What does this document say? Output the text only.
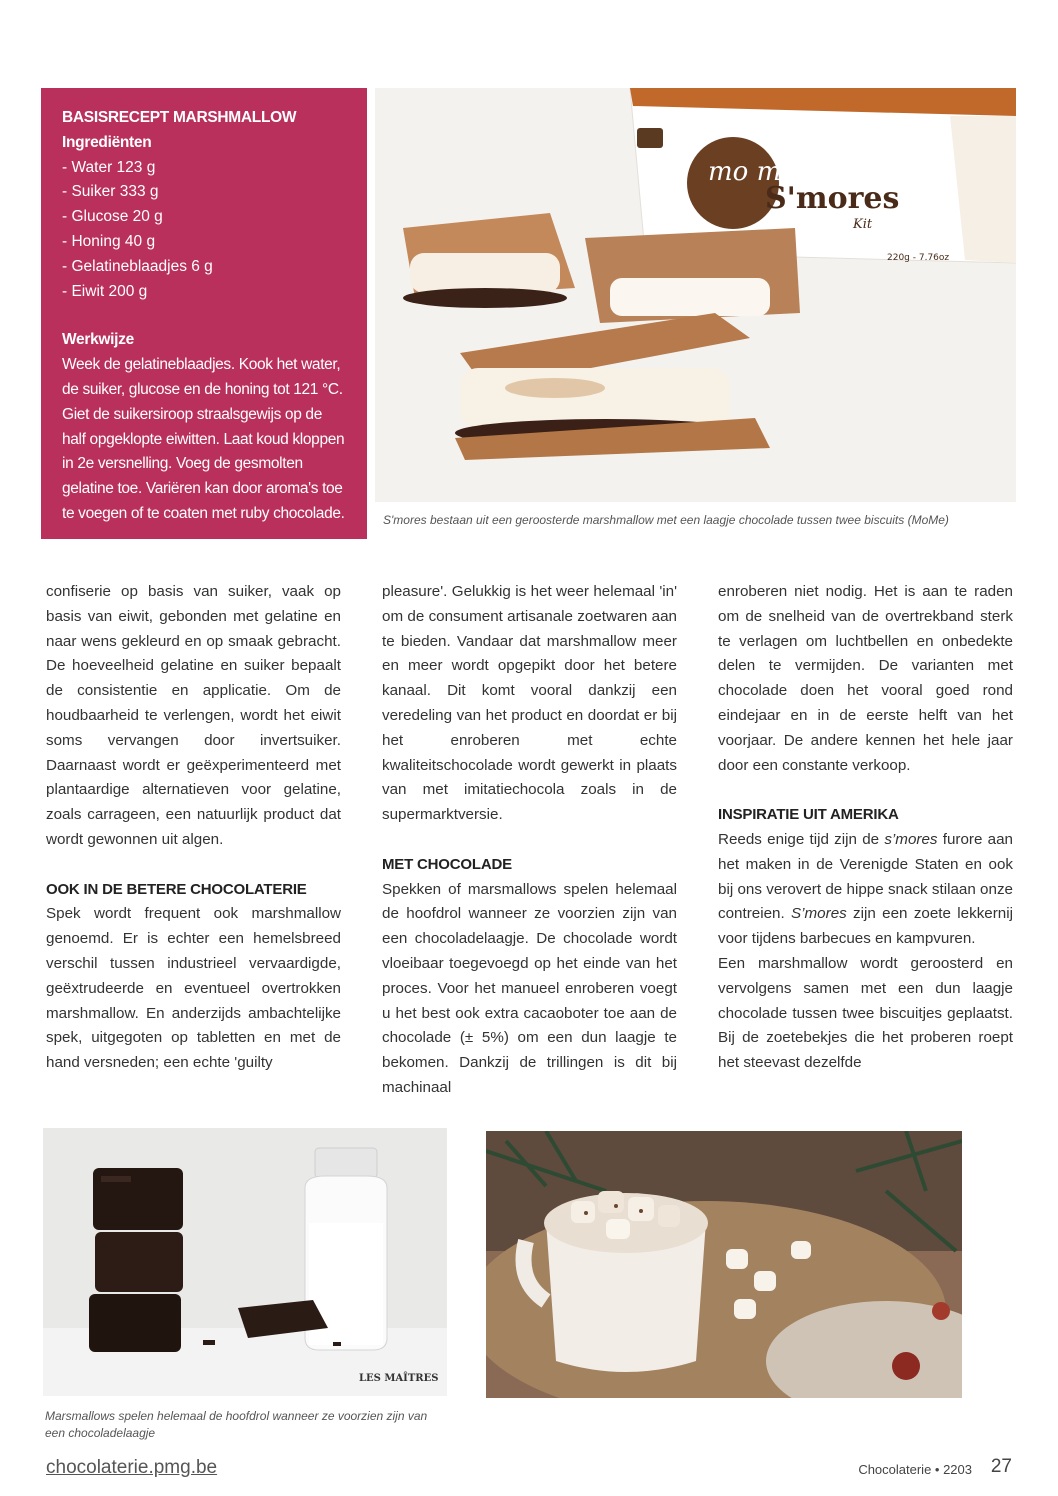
BASISRECEPT MARSHMALLOW
Ingrediënten
- Water 123 g
- Suiker 333 g
- Glucose 20 g
- Honing 40 g
- Gelatineblaadjes 6 g
- Eiwit 200 g
Werkwijze

Week de gelatineblaadjes. Kook het water, de suiker, glucose en de honing tot 121 °C. Giet de suikersiroop straalsgewijs op de half opgeklopte eiwitten. Laat koud kloppen in 2e versnelling. Voeg de gesmolten gelatine toe. Variëren kan door aroma's toe te voegen of te coaten met ruby chocolade.

mo me
S'mores
Kit
220g - 7.76oz
S'mores bestaan uit een geroosterde marshmallow met een laagje chocolade tussen twee biscuits (MoMe)

confiserie op basis van suiker, vaak op basis van eiwit, gebonden met gelatine en naar wens gekleurd en op smaak gebracht. De hoeveelheid gelatine en suiker bepaalt de consistentie en applicatie. Om de houdbaarheid te verlengen, wordt het eiwit soms vervangen door invertsuiker. Daarnaast wordt er geëxperimenteerd met plantaardige alternatieven voor gelatine, zoals carrageen, een natuurlijk product dat wordt gewonnen uit algen.

OOK IN DE BETERE CHOCOLATERIE

Spek wordt frequent ook marshmallow genoemd. Er is echter een hemelsbreed verschil tussen industrieel vervaardigde, geëxtrudeerde en eventueel overtrokken marshmallow. En anderzijds ambachtelijke spek, uitgegoten op tabletten en met de hand versneden; een echte 'guilty

pleasure'. Gelukkig is het weer helemaal 'in' om de consument artisanale zoetwaren aan te bieden. Vandaar dat marshmallow meer en meer wordt opgepikt door het betere kanaal. Dit komt vooral dankzij een veredeling van het product en doordat er bij het enroberen met echte kwaliteitschocolade wordt gewerkt in plaats van met imitatiechocola zoals in de supermarktversie.

MET CHOCOLADE

Spekken of marsmallows spelen helemaal de hoofdrol wanneer ze voorzien zijn van een chocoladelaagje. De chocolade wordt vloeibaar toegevoegd op het einde van het proces. Voor het manueel enroberen voegt u het best ook extra cacaoboter toe aan de chocolade (± 5%) om een dun laagje te bekomen. Dankzij de trillingen is dit bij machinaal

enroberen niet nodig. Het is aan te raden om de snelheid van de overtrekband sterk te verlagen om luchtbellen en onbedekte delen te vermijden. De varianten met chocolade doen het vooral goed rond eindejaar en in de eerste helft van het voorjaar. De andere kennen het hele jaar door een constante verkoop.

INSPIRATIE UIT AMERIKA

Reeds enige tijd zijn de s’mores furore aan het maken in de Verenigde Staten en ook bij ons verovert de hippe snack stilaan onze contreien. S’mores zijn een zoete lekkernij voor tijdens barbecues en kampvuren.

Een marshmallow wordt geroosterd en vervolgens samen met een dun laagje chocolade tussen twee biscuitjes geplaatst. Bij de zoetebekjes die het proberen roept het steevast dezelfde

LES MAÎTRES
Marsmallows spelen helemaal de hoofdrol wanneer ze voorzien zijn van een chocoladelaagje
chocolaterie.pmg.be	Chocolaterie • 2203 27
